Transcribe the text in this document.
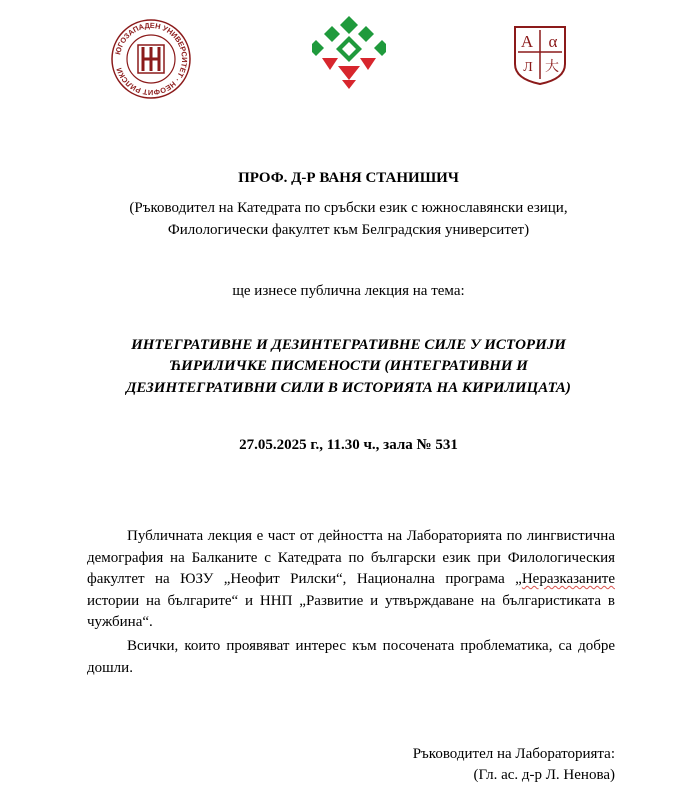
ЮГОЗАПАДЕН УНИВЕРСИТЕТ · НЕОФИТ РИЛСКИ
А α
Л 大
ПРОФ. Д-Р ВАНЯ СТАНИШИЧ
(Ръководител на Катедрата по сръбски език с южнославянски езици,
Филологически факултет към Белградския университет)
ще изнесе публична лекция на тема:
ИНТЕГРАТИВНЕ И ДЕЗИНТЕГРАТИВНЕ СИЛЕ У ИСТОРИЈИ
ЋИРИЛИЧКЕ ПИСМЕНОСТИ (ИНТЕГРАТИВНИ И
ДЕЗИНТЕГРАТИВНИ СИЛИ В ИСТОРИЯТА НА КИРИЛИЦАТА)
27.05.2025 г., 11.30 ч., зала № 531
Публичната лекция е част от дейността на Лабораторията по лингвистична демография на Балканите с Катедрата по български език при Филологическия факултет на ЮЗУ „Неофит Рилски“, Национална програма „Неразказаните истории на българите“ и ННП „Развитие и утвърждаване на българистиката в чужбина“.
Всички, които проявяват интерес към посочената проблематика, са добре дошли.
Ръководител на Лабораторията:
(Гл. ас. д-р Л. Ненова)
